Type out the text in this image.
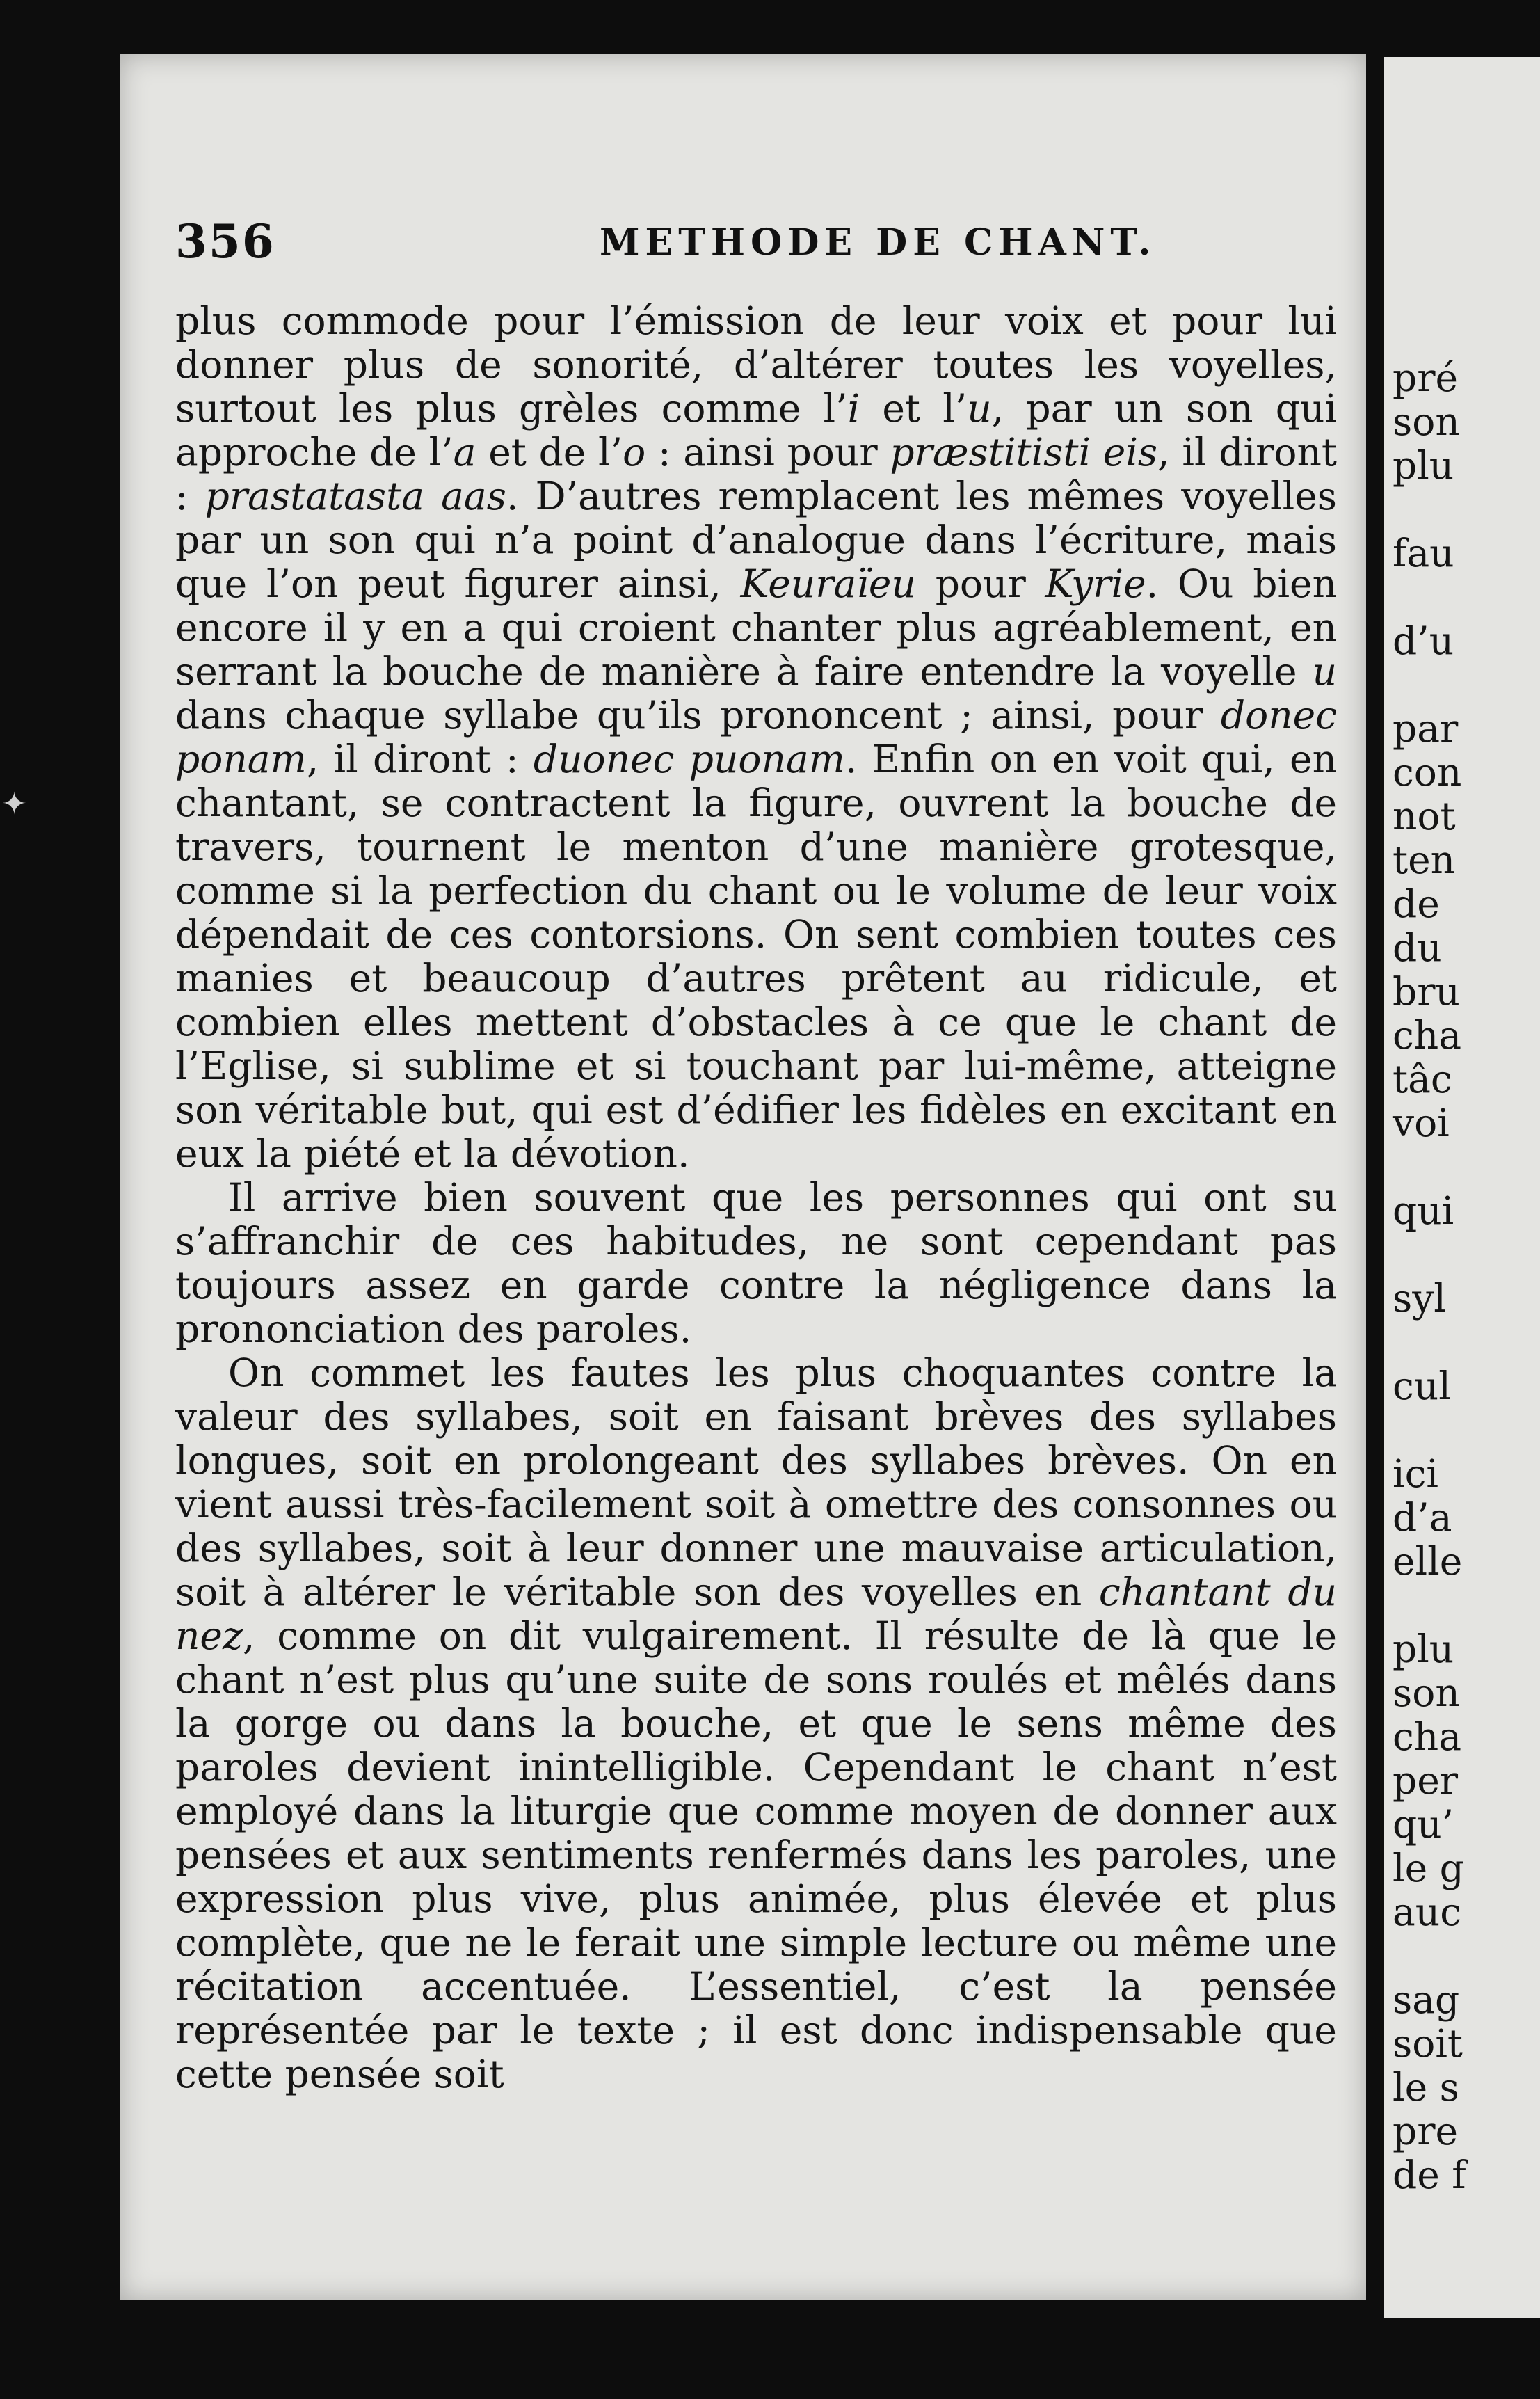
✦
356	METHODE DE CHANT.

plus commode pour l’émission de leur voix et pour lui donner plus de sonorité, d’altérer toutes les voyelles, surtout les plus grèles comme l’i et l’u, par un son qui approche de l’a et de l’o : ainsi pour præstitisti eis, il diront : prastatasta aas. D’autres remplacent les mêmes voyelles par un son qui n’a point d’analogue dans l’écriture, mais que l’on peut figurer ainsi, Keuraïeu pour Kyrie. Ou bien encore il y en a qui croient chanter plus agréablement, en serrant la bouche de manière à faire entendre la voyelle u dans chaque syllabe qu’ils prononcent ; ainsi, pour donec ponam, il diront : duonec puonam. Enfin on en voit qui, en chantant, se contractent la figure, ouvrent la bouche de travers, tournent le menton d’une manière grotesque, comme si la perfection du chant ou le volume de leur voix dépendait de ces contorsions. On sent combien toutes ces manies et beaucoup d’autres prêtent au ridicule, et combien elles mettent d’obstacles à ce que le chant de l’Eglise, si sublime et si touchant par lui-même, atteigne son véritable but, qui est d’édifier les fidèles en excitant en eux la piété et la dévotion.

Il arrive bien souvent que les personnes qui ont su s’affranchir de ces habitudes, ne sont cependant pas toujours assez en garde contre la négligence dans la prononciation des paroles.

On commet les fautes les plus choquantes contre la valeur des syllabes, soit en faisant brèves des syllabes longues, soit en prolongeant des syllabes brèves. On en vient aussi très-facilement soit à omettre des consonnes ou des syllabes, soit à leur donner une mauvaise articulation, soit à altérer le véritable son des voyelles en chantant du nez, comme on dit vulgairement. Il résulte de là que le chant n’est plus qu’une suite de sons roulés et mêlés dans la gorge ou dans la bouche, et que le sens même des paroles devient inintelligible. Cependant le chant n’est employé dans la liturgie que comme moyen de donner aux pensées et aux sentiments renfermés dans les paroles, une expression plus vive, plus animée, plus élevée et plus complète, que ne le ferait une simple lecture ou même une récitation accentuée. L’essentiel, c’est la pensée représentée par le texte ; il est donc indispensable que cette pensée soit

pré
son
plu
fau
d’u
par
con
not
ten
de
du
bru
cha
tâc
voi
qui
syl
cul
ici
d’a
elle
plu
son
cha
per
qu’
le g
auc
sag
soit
le s
pre
de f
